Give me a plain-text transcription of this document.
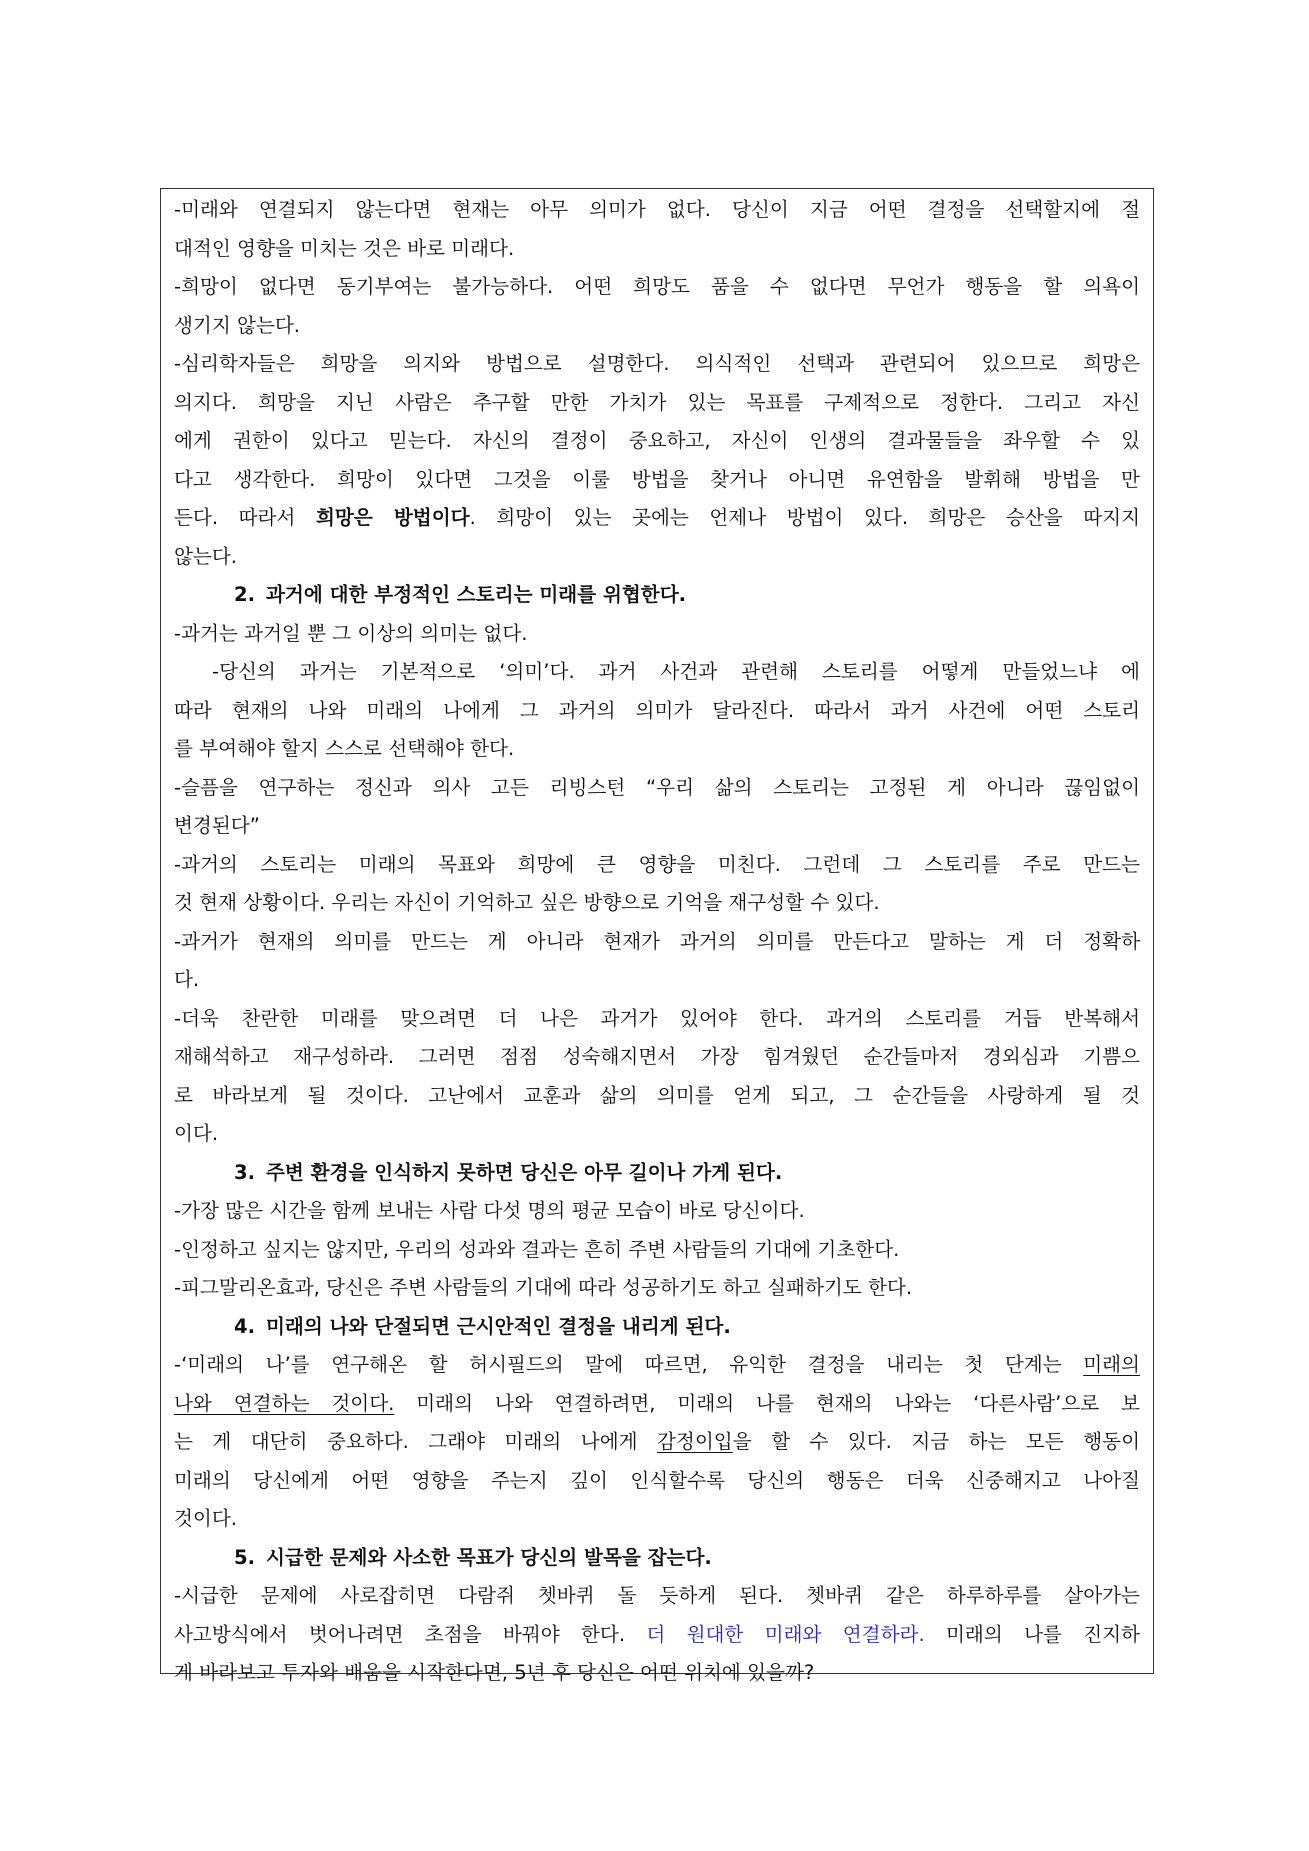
-미래와 연결되지 않는다면 현재는 아무 의미가 없다. 당신이 지금 어떤 결정을 선택할지에 절
대적인 영향을 미치는 것은 바로 미래다.
-희망이 없다면 동기부여는 불가능하다. 어떤 희망도 품을 수 없다면 무언가 행동을 할 의욕이
생기지 않는다.
-심리학자들은 희망을 의지와 방법으로 설명한다. 의식적인 선택과 관련되어 있으므로 희망은
의지다. 희망을 지닌 사람은 추구할 만한 가치가 있는 목표를 구제적으로 정한다. 그리고 자신
에게 권한이 있다고 믿는다. 자신의 결정이 중요하고, 자신이 인생의 결과물들을 좌우할 수 있
다고 생각한다. 희망이 있다면 그것을 이룰 방법을 찾거나 아니면 유연함을 발휘해 방법을 만
든다. 따라서 희망은 방법이다. 희망이 있는 곳에는 언제나 방법이 있다. 희망은 승산을 따지지
않는다.
2. 과거에 대한 부정적인 스토리는 미래를 위협한다.
-과거는 과거일 뿐 그 이상의 의미는 없다.
-당신의 과거는 기본적으로 ‘의미’다. 과거 사건과 관련해 스토리를 어떻게 만들었느냐 에
따라 현재의 나와 미래의 나에게 그 과거의 의미가 달라진다. 따라서 과거 사건에 어떤 스토리
를 부여해야 할지 스스로 선택해야 한다.
-슬픔을 연구하는 정신과 의사 고든 리빙스턴 “우리 삶의 스토리는 고정된 게 아니라 끊임없이
변경된다”
-과거의 스토리는 미래의 목표와 희망에 큰 영향을 미친다. 그런데 그 스토리를 주로 만드는
것 현재 상황이다. 우리는 자신이 기억하고 싶은 방향으로 기억을 재구성할 수 있다.
-과거가 현재의 의미를 만드는 게 아니라 현재가 과거의 의미를 만든다고 말하는 게 더 정확하
다.
-더욱 찬란한 미래를 맞으려면 더 나은 과거가 있어야 한다. 과거의 스토리를 거듭 반복해서
재해석하고 재구성하라. 그러면 점점 성숙해지면서 가장 힘겨웠던 순간들마저 경외심과 기쁨으
로 바라보게 될 것이다. 고난에서 교훈과 삶의 의미를 얻게 되고, 그 순간들을 사랑하게 될 것
이다.
3. 주변 환경을 인식하지 못하면 당신은 아무 길이나 가게 된다.
-가장 많은 시간을 함께 보내는 사람 다섯 명의 평균 모습이 바로 당신이다.
-인정하고 싶지는 않지만, 우리의 성과와 결과는 흔히 주변 사람들의 기대에 기초한다.
-피그말리온효과, 당신은 주변 사람들의 기대에 따라 성공하기도 하고 실패하기도 한다.
4. 미래의 나와 단절되면 근시안적인 결정을 내리게 된다.
-‘미래의 나’를 연구해온 할 허시필드의 말에 따르면, 유익한 결정을 내리는 첫 단계는 미래의
나와 연결하는 것이다. 미래의 나와 연결하려면, 미래의 나를 현재의 나와는 ‘다른사람’으로 보
는 게 대단히 중요하다. 그래야 미래의 나에게 감정이입을 할 수 있다. 지금 하는 모든 행동이
미래의 당신에게 어떤 영향을 주는지 깊이 인식할수록 당신의 행동은 더욱 신중해지고 나아질
것이다.
5. 시급한 문제와 사소한 목표가 당신의 발목을 잡는다.
-시급한 문제에 사로잡히면 다람쥐 쳇바퀴 돌 듯하게 된다. 쳇바퀴 같은 하루하루를 살아가는
사고방식에서 벗어나려면 초점을 바꿔야 한다. 더 원대한 미래와 연결하라. 미래의 나를 진지하
게 바라보고 투자와 배움을 시작한다면, 5년 후 당신은 어떤 위치에 있을까?
